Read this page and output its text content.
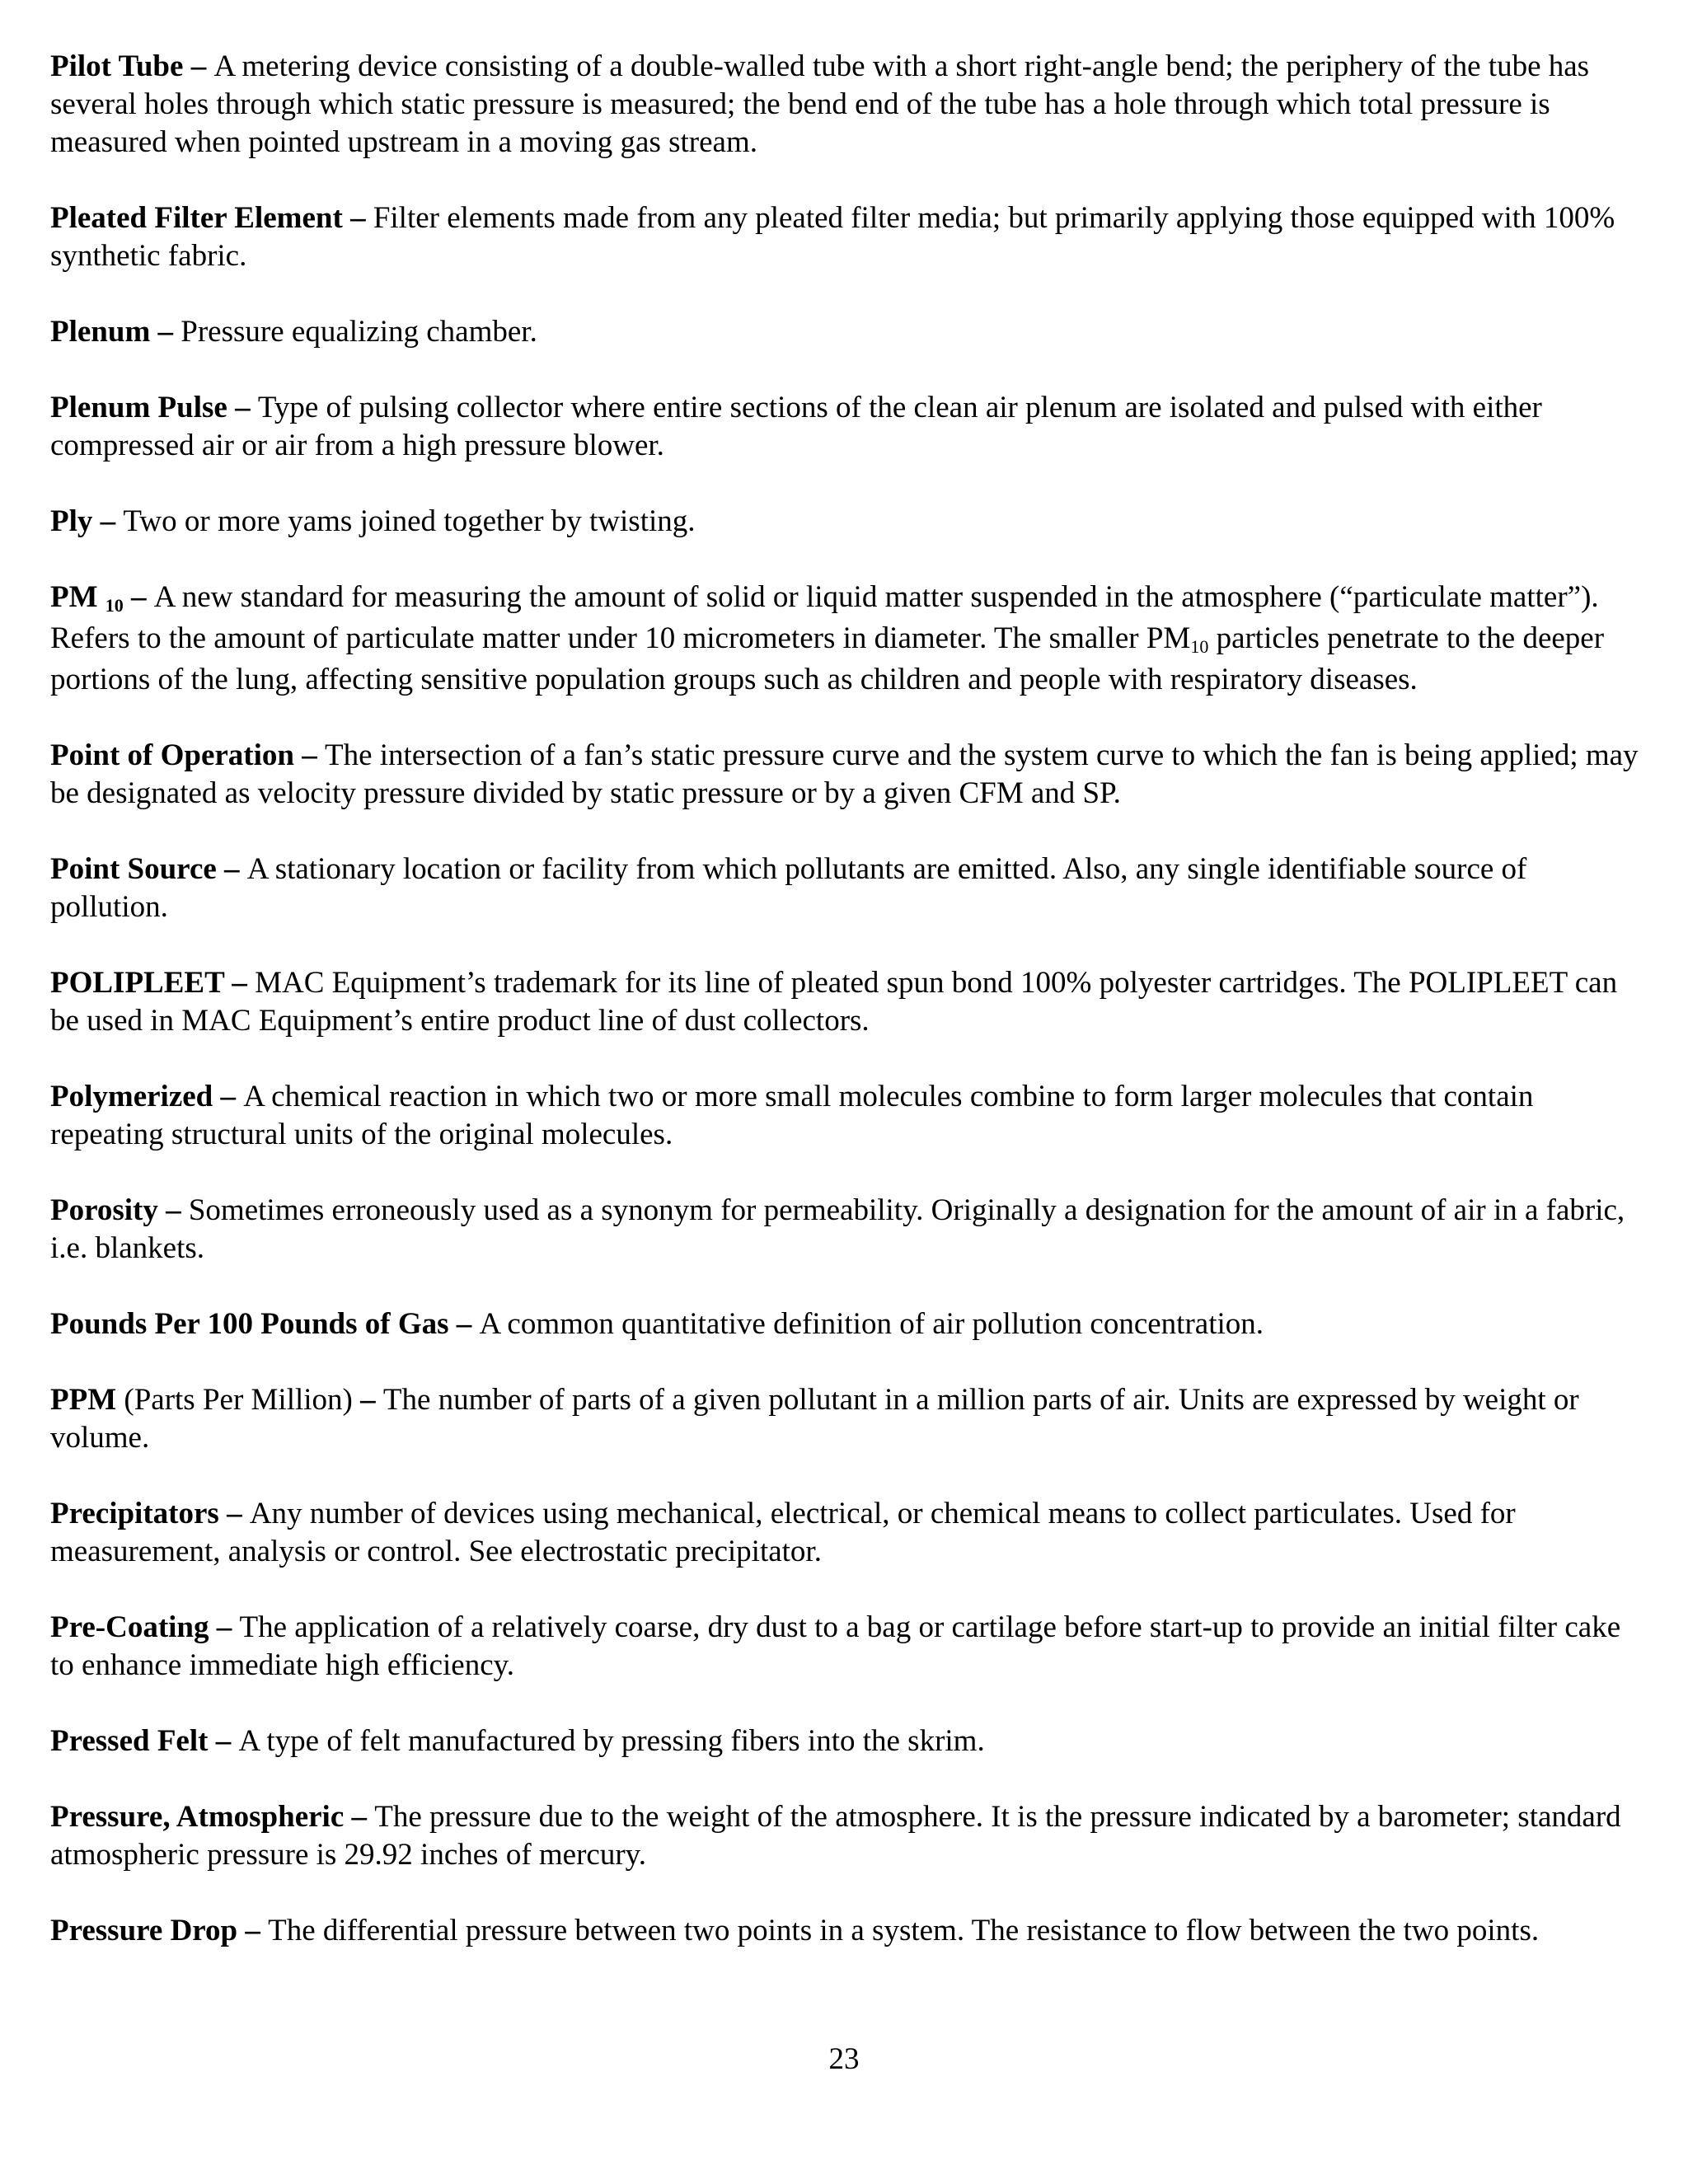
Pilot Tube – A metering device consisting of a double-walled tube with a short right-angle bend; the periphery of the tube has several holes through which static pressure is measured; the bend end of the tube has a hole through which total pressure is measured when pointed upstream in a moving gas stream.

Pleated Filter Element – Filter elements made from any pleated filter media; but primarily applying those equipped with 100% synthetic fabric.

Plenum – Pressure equalizing chamber.

Plenum Pulse – Type of pulsing collector where entire sections of the clean air plenum are isolated and pulsed with either compressed air or air from a high pressure blower.

Ply – Two or more yams joined together by twisting.

PM 10 – A new standard for measuring the amount of solid or liquid matter suspended in the atmosphere (“particulate matter”). Refers to the amount of particulate matter under 10 micrometers in diameter. The smaller PM10 particles penetrate to the deeper portions of the lung, affecting sensitive population groups such as children and people with respiratory diseases.

Point of Operation – The intersection of a fan’s static pressure curve and the system curve to which the fan is being applied; may be designated as velocity pressure divided by static pressure or by a given CFM and SP.

Point Source – A stationary location or facility from which pollutants are emitted. Also, any single identifiable source of pollution.

POLIPLEET – MAC Equipment’s trademark for its line of pleated spun bond 100% polyester cartridges. The POLIPLEET can be used in MAC Equipment’s entire product line of dust collectors.

Polymerized – A chemical reaction in which two or more small molecules combine to form larger molecules that contain repeating structural units of the original molecules.

Porosity – Sometimes erroneously used as a synonym for permeability. Originally a designation for the amount of air in a fabric, i.e. blankets.

Pounds Per 100 Pounds of Gas – A common quantitative definition of air pollution concentration.

PPM (Parts Per Million) – The number of parts of a given pollutant in a million parts of air. Units are expressed by weight or volume.

Precipitators – Any number of devices using mechanical, electrical, or chemical means to collect particulates. Used for measurement, analysis or control. See electrostatic precipitator.

Pre-Coating – The application of a relatively coarse, dry dust to a bag or cartilage before start-up to provide an initial filter cake to enhance immediate high efficiency.

Pressed Felt – A type of felt manufactured by pressing fibers into the skrim.

Pressure, Atmospheric – The pressure due to the weight of the atmosphere. It is the pressure indicated by a barometer; standard atmospheric pressure is 29.92 inches of mercury.

Pressure Drop – The differential pressure between two points in a system. The resistance to flow between the two points.

23
